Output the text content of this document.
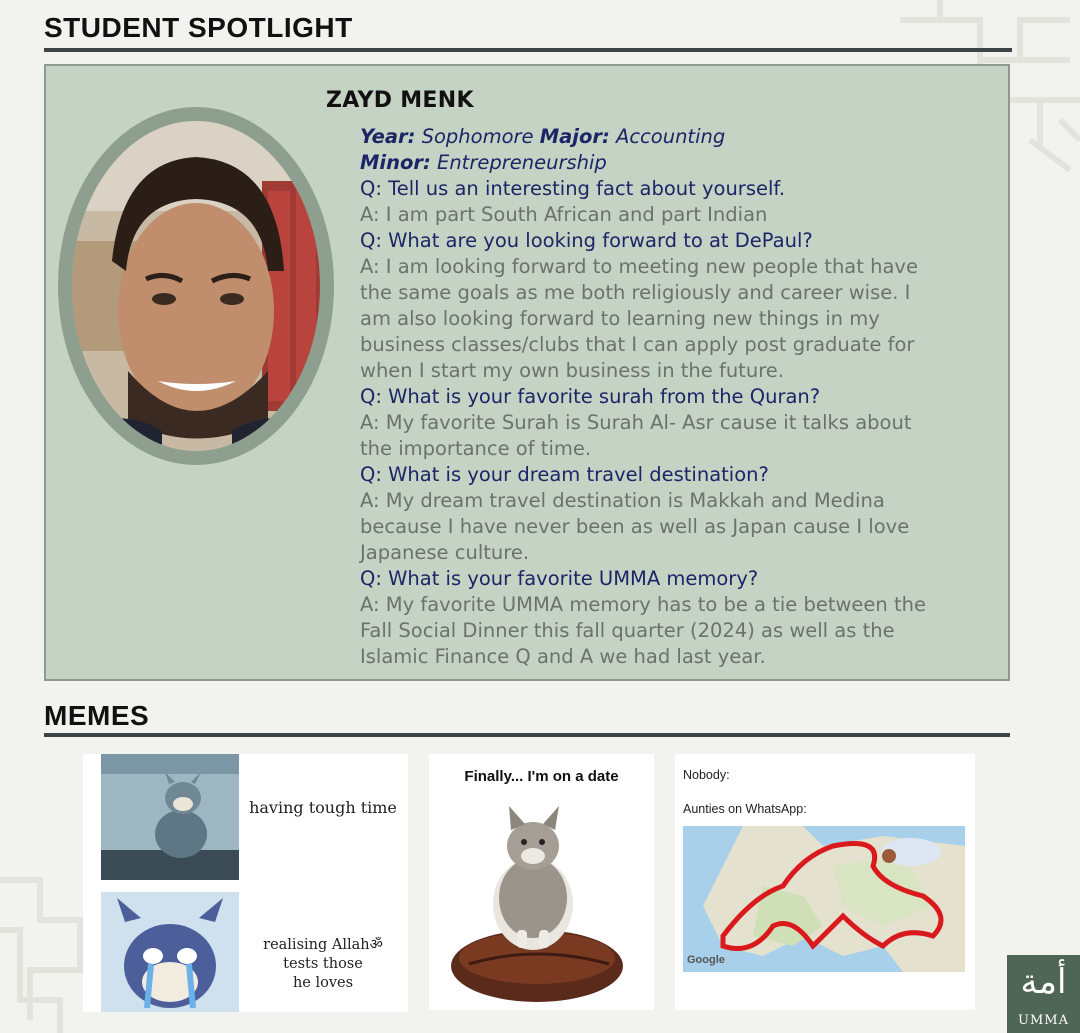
STUDENT SPOTLIGHT
ZAYD MENK

Year: Sophomore Major: Accounting

Minor: Entrepreneurship

Q: Tell us an interesting fact about yourself.

A: I am part South African and part Indian

Q: What are you looking forward to at DePaul?

A: I am looking forward to meeting new people that have

the same goals as me both religiously and career wise. I

am also looking forward to learning new things in my

business classes/clubs that I can apply post graduate for

when I start my own business in the future.

Q: What is your favorite surah from the Quran?

A: My favorite Surah is Surah Al- Asr cause it talks about

the importance of time.

Q: What is your dream travel destination?

A: My dream travel destination is Makkah and Medina

because I have never been as well as Japan cause I love

Japanese culture.

Q: What is your favorite UMMA memory?

A: My favorite UMMA memory has to be a tie between the

Fall Social Dinner this fall quarter (2024) as well as the

Islamic Finance Q and A we had last year.

MEMES
having tough time
realising Allahॐ
tests those
he loves
Finally... I'm on a date	Nobody:
Aunties on WhatsApp:
Google
أمة
UMMA
